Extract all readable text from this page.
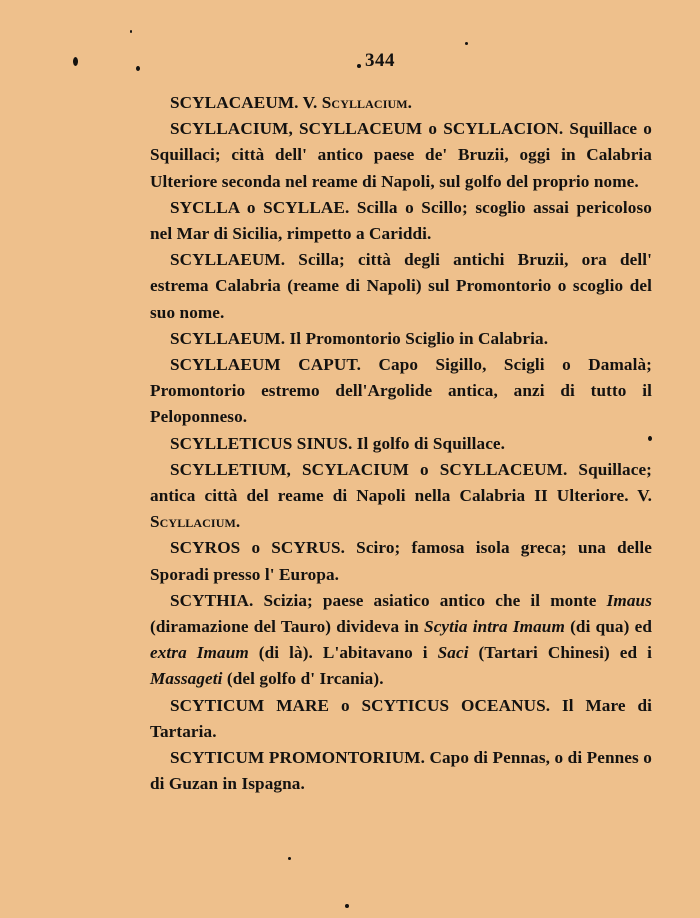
344

SCYLACAEUM. V. Scyllacium.

SCYLLACIUM, SCYLLACEUM o SCYLLACION. Squillace o Squillaci; città dell' antico paese de' Bruzii, oggi in Calabria Ulteriore seconda nel reame di Napoli, sul golfo del proprio nome.

SYCLLA o SCYLLAE. Scilla o Scillo; scoglio assai pericoloso nel Mar di Sicilia, rimpetto a Cariddi.

SCYLLAEUM. Scilla; città degli antichi Bruzii, ora dell' estrema Calabria (reame di Napoli) sul Promontorio o scoglio del suo nome.

SCYLLAEUM. Il Promontorio Sciglio in Calabria.

SCYLLAEUM CAPUT. Capo Sigillo, Scigli o Damalà; Promontorio estremo dell'Argolide antica, anzi di tutto il Peloponneso.

SCYLLETICUS SINUS. Il golfo di Squillace.

SCYLLETIUM, SCYLACIUM o SCYLLACEUM. Squillace; antica città del reame di Napoli nella Calabria II Ulteriore. V. Scyllacium.

SCYROS o SCYRUS. Sciro; famosa isola greca; una delle Sporadi presso l' Europa.

SCYTHIA. Scizia; paese asiatico antico che il monte Imaus (diramazione del Tauro) divideva in Scytia intra Imaum (di qua) ed extra Imaum (di là). L'abitavano i Saci (Tartari Chinesi) ed i Massageti (del golfo d' Ircania).

SCYTICUM MARE o SCYTICUS OCEANUS. Il Mare di Tartaria.

SCYTICUM PROMONTORIUM. Capo di Pennas, o di Pennes o di Guzan in Ispagna.
